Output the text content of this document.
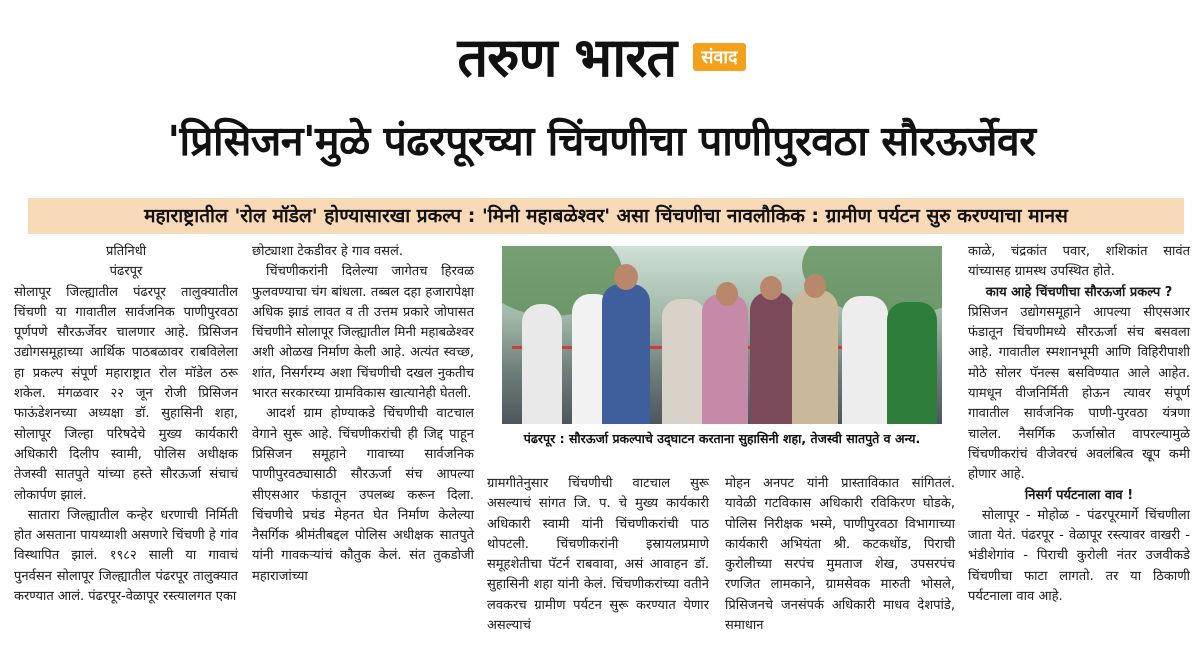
तरुण भारत संवाद
'प्रिसिजन'मुळे पंढरपूरच्या चिंचणीचा पाणीपुरवठा सौरऊर्जेवर
महाराष्ट्रातील 'रोल मॉडेल' होण्यासारखा प्रकल्प : 'मिनी महाबळेश्वर' असा चिंचणीचा नावलौकिक : ग्रामीण पर्यटन सुरु करण्याचा मानस

प्रतिनिधी

पंढरपूर

सोलापूर जिल्ह्यातील पंढरपूर तालुक्यातील चिंचणी या गावातील सार्वजनिक पाणीपुरवठा पूर्णपणे सौरऊर्जेवर चालणार आहे. प्रिसिजन उद्योगसमूहाच्या आर्थिक पाठबळावर राबविलेला हा प्रकल्प संपूर्ण महाराष्ट्रात रोल मॉडेल ठरू शकेल. मंगळवार २२ जून रोजी प्रिसिजन फाऊंडेशनच्या अध्यक्षा डॉ. सुहासिनी शहा, सोलापूर जिल्हा परिषदेचे मुख्य कार्यकारी अधिकारी दिलीप स्वामी, पोलिस अधीक्षक तेजस्वी सातपुते यांच्या हस्ते सौरऊर्जा संचाचं लोकार्पण झालं.

सातारा जिल्ह्यातील कन्हेर धरणाची निर्मिती होत असताना पायथ्याशी असणारे चिंचणी हे गांव विस्थापित झालं. १९८२ साली या गावाचं पुनर्वसन सोलापूर जिल्ह्यातील पंढरपूर तालुक्यात करण्यात आलं. पंढरपूर-वेळापूर रस्त्यालगत एका

छोट्याशा टेकडीवर हे गाव वसलं.

चिंचणीकरांनी दिलेल्या जागेतच हिरवळ फुलवण्याचा चंग बांधला. तब्बल दहा हजारापेक्षा अधिक झाडं लावत व ती उत्तम प्रकारे जोपासत चिंचणीने सोलापूर जिल्ह्यातील मिनी महाबळेश्वर अशी ओळख निर्माण केली आहे. अत्यंत स्वच्छ, शांत, निसर्गरम्य अशा चिंचणीची दखल नुकतीच भारत सरकारच्या ग्रामविकास खात्यानेही घेतली.

आदर्श ग्राम होण्याकडे चिंचणीची वाटचाल वेगाने सुरू आहे. चिंचणीकरांची ही जिद्द पाहून प्रिसिजन समूहाने गावाच्या सार्वजनिक पाणीपुरवठ्यासाठी सौरऊर्जा संच आपल्या सीएसआर फंडातून उपलब्ध करून दिला. चिंचणीचे प्रचंड मेहनत घेत निर्माण केलेल्या नैसर्गिक श्रीमंतीबद्दल पोलिस अधीक्षक सातपुते यांनी गावकऱ्यांचं कौतुक केलं. संत तुकडोजी महाराजांच्या

पंढरपूर : सौरऊर्जा प्रकल्पाचे उद्‌घाटन करताना सुहासिनी शहा, तेजस्वी सातपुते व अन्य.

ग्रामगीतेनुसार चिंचणीची वाटचाल सुरू असल्याचं सांगत जि. प. चे मुख्य कार्यकारी अधिकारी स्वामी यांनी चिंचणीकरांची पाठ थोपटली. चिंचणीकरांनी इस्रायलप्रमाणे समूहशेतीचा पॅटर्न राबवावा, असं आवाहन डॉ. सुहासिनी शहा यांनी केलं. चिंचणीकरांच्या वतीने लवकरच ग्रामीण पर्यटन सुरू करण्यात येणार असल्याचं

मोहन अनपट यांनी प्रास्ताविकात सांगितलं. यावेळी गटविकास अधिकारी रविकिरण घोडके, पोलिस निरीक्षक भस्मे, पाणीपुरवठा विभागाच्या कार्यकारी अभियंता श्री. कटकधोंड, पिराची कुरोलीच्या सरपंच मुमताज शेख, उपसरपंच रणजित लामकाने, ग्रामसेवक मारुती भोसले, प्रिसिजनचे जनसंपर्क अधिकारी माधव देशपांडे, समाधान

काळे, चंद्रकांत पवार, शशिकांत सावंत यांच्यासह ग्रामस्थ उपस्थित होते.

काय आहे चिंचणीचा सौरऊर्जा प्रकल्प ?

प्रिसिजन उद्योगसमूहाने आपल्या सीएसआर फंडातून चिंचणीमध्ये सौरऊर्जा संच बसवला आहे. गावातील स्मशानभूमी आणि विहिरीपाशी मोठे सोलर पॅनल्स बसविण्यात आले आहेत. यामधून वीजनिर्मिती होऊन त्यावर संपूर्ण गावातील सार्वजनिक पाणी-पुरवठा यंत्रणा चालेल. नैसर्गिक ऊर्जास्रोत वापरल्यामुळे चिंचणीकरांचं वीजेवरचं अवलंबित्व खूप कमी होणार आहे.

निसर्ग पर्यटनाला वाव !

सोलापूर - मोहोळ - पंढरपूरमार्गे चिंचणीला जाता येतं. पंढरपूर - वेळापूर रस्त्यावर वाखरी - भंडीशेगांव - पिराची कुरोली नंतर उजवीकडे चिंचणीचा फाटा लागतो. तर या ठिकाणी पर्यटनाला वाव आहे.
